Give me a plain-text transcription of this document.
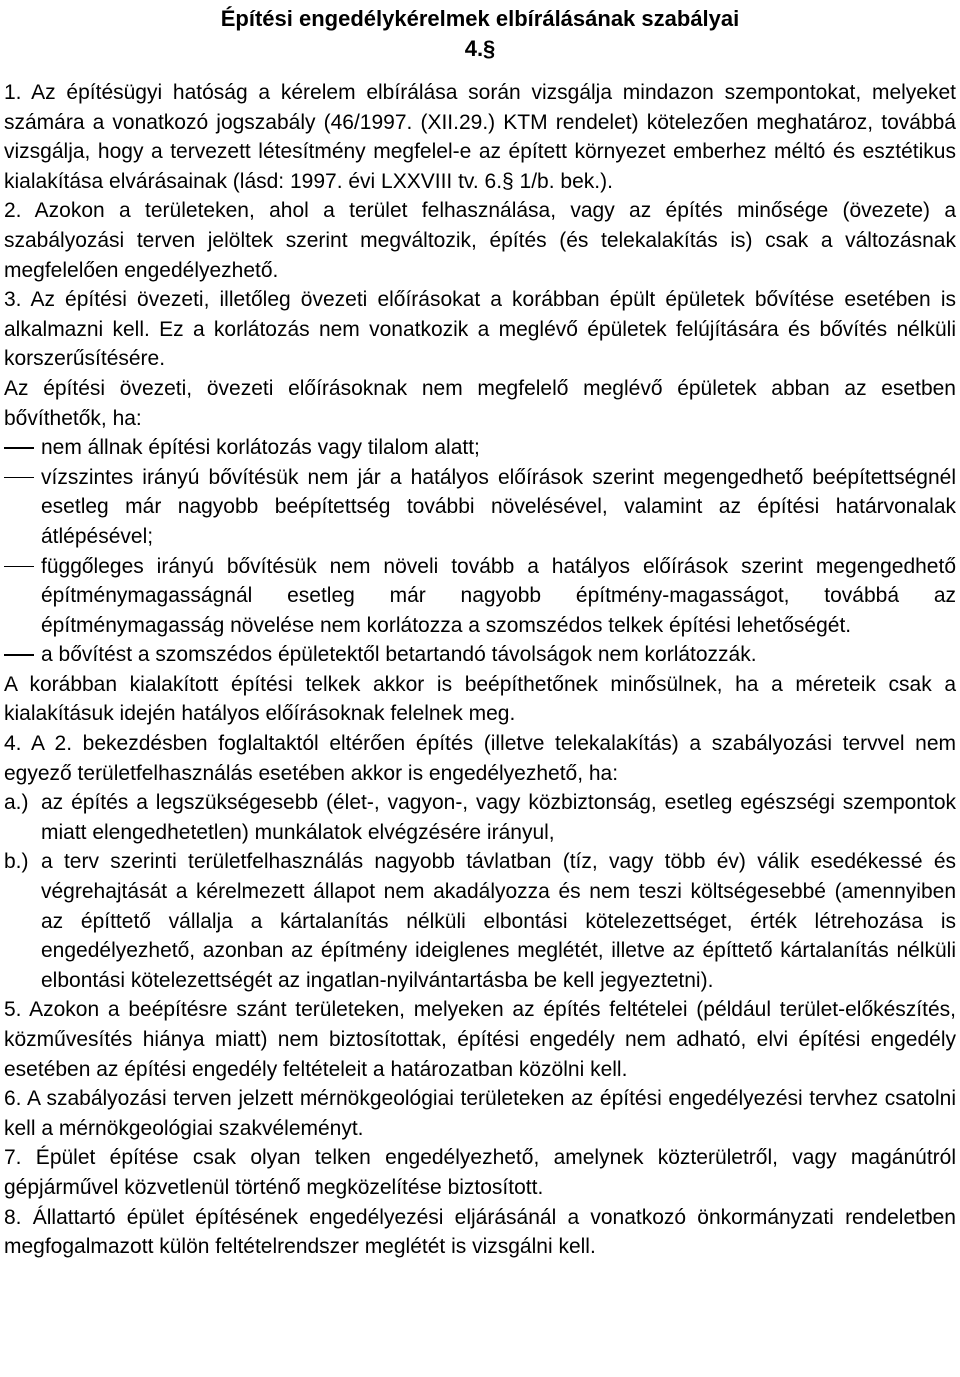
Építési engedélykérelmek elbírálásának szabályai
4.§

1. Az építésügyi hatóság a kérelem elbírálása során vizsgálja mindazon szempontokat, melyeket számára a vonatkozó jogszabály (46/1997. (XII.29.) KTM rendelet) kötelezően meghatároz, továbbá vizsgálja, hogy a tervezett létesítmény megfelel-e az épített környezet emberhez méltó és esztétikus kialakítása elvárásainak (lásd: 1997. évi LXXVIII tv. 6.§ 1/b. bek.).

2. Azokon a területeken, ahol a terület felhasználása, vagy az építés minősége (övezete) a szabályozási terven jelöltek szerint megváltozik, építés (és telekalakítás is) csak a változásnak megfelelően engedélyezhető.

3. Az építési övezeti, illetőleg övezeti előírásokat a korábban épült épületek bővítése esetében is alkalmazni kell. Ez a korlátozás nem vonatkozik a meglévő épületek felújítására és bővítés nélküli korszerűsítésére.

Az építési övezeti, övezeti előírásoknak nem megfelelő meglévő épületek abban az esetben bővíthetők, ha:

nem állnak építési korlátozás vagy tilalom alatt;
vízszintes irányú bővítésük nem jár a hatályos előírások szerint megengedhető beépítettségnél esetleg már nagyobb beépítettség további növelésével, valamint az építési határvonalak átlépésével;
függőleges irányú bővítésük nem növeli tovább a hatályos előírások szerint megengedhető építménymagasságnál esetleg már nagyobb építmény-magasságot, továbbá az építménymagasság növelése nem korlátozza a szomszédos telkek építési lehetőségét.
a bővítést a szomszédos épületektől betartandó távolságok nem korlátozzák.

A korábban kialakított építési telkek akkor is beépíthetőnek minősülnek, ha a méreteik csak a kialakításuk idején hatályos előírásoknak felelnek meg.

4. A 2. bekezdésben foglaltaktól eltérően építés (illetve telekalakítás) a szabályozási tervvel nem egyező területfelhasználás esetében akkor is engedélyezhető, ha:

a.) az építés a legszükségesebb (élet-, vagyon-, vagy közbiztonság, esetleg egészségi szempontok miatt elengedhetetlen) munkálatok elvégzésére irányul,
b.) a terv szerinti területfelhasználás nagyobb távlatban (tíz, vagy több év) válik esedékessé és végrehajtását a kérelmezett állapot nem akadályozza és nem teszi költségesebbé (amennyiben az építtető vállalja a kártalanítás nélküli elbontási kötelezettséget, érték létrehozása is engedélyezhető, azonban az építmény ideiglenes meglétét, illetve az építtető kártalanítás nélküli elbontási kötelezettségét az ingatlan-nyilvántartásba be kell jegyeztetni).

5. Azokon a beépítésre szánt területeken, melyeken az építés feltételei (például terület-előkészítés, közművesítés hiánya miatt) nem biztosítottak, építési engedély nem adható, elvi építési engedély esetében az építési engedély feltételeit a határozatban közölni kell.

6. A szabályozási terven jelzett mérnökgeológiai területeken az építési engedélyezési tervhez csatolni kell a mérnökgeológiai szakvéleményt.

7. Épület építése csak olyan telken engedélyezhető, amelynek közterületről, vagy magánútról gépjárművel közvetlenül történő megközelítése biztosított.

8. Állattartó épület építésének engedélyezési eljárásánál a vonatkozó önkormányzati rendeletben megfogalmazott külön feltételrendszer meglétét is vizsgálni kell.
